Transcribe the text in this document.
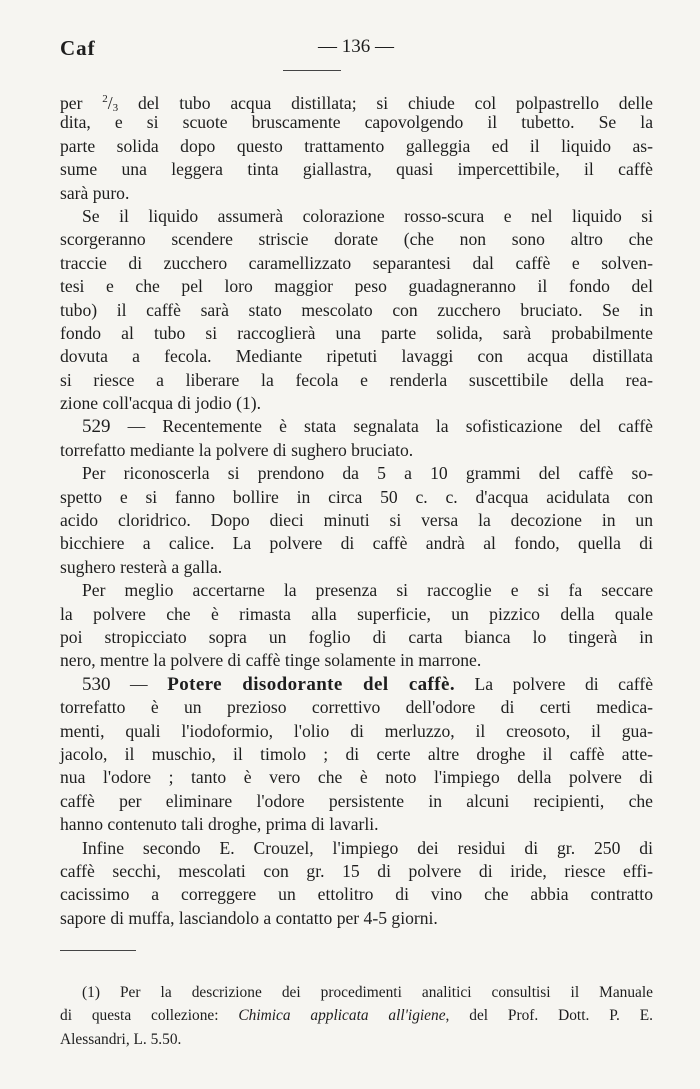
Caf	— 136 —
per $^2/_3$ del tubo acqua distillata; si chiude col polpastrello delle
dita, e si scuote bruscamente capovolgendo il tubetto. Se la
parte solida dopo questo trattamento galleggia ed il liquido as-
sume una leggera tinta giallastra, quasi impercettibile, il caffè
sarà puro.
Se il liquido assumerà colorazione rosso-scura e nel liquido si
scorgeranno scendere striscie dorate (che non sono altro che
traccie di zucchero caramellizzato separantesi dal caffè e solven-
tesi e che pel loro maggior peso guadagneranno il fondo del
tubo) il caffè sarà stato mescolato con zucchero bruciato. Se in
fondo al tubo si raccoglierà una parte solida, sarà probabilmente
dovuta a fecola. Mediante ripetuti lavaggi con acqua distillata
si riesce a liberare la fecola e renderla suscettibile della rea-
zione coll'acqua di jodio (1).
529 — Recentemente è stata segnalata la sofisticazione del caffè
torrefatto mediante la polvere di sughero bruciato.
Per riconoscerla si prendono da 5 a 10 grammi del caffè so-
spetto e si fanno bollire in circa 50 c. c. d'acqua acidulata con
acido cloridrico. Dopo dieci minuti si versa la decozione in un
bicchiere a calice. La polvere di caffè andrà al fondo, quella di
sughero resterà a galla.
Per meglio accertarne la presenza si raccoglie e si fa seccare
la polvere che è rimasta alla superficie, un pizzico della quale
poi stropicciato sopra un foglio di carta bianca lo tingerà in
nero, mentre la polvere di caffè tinge solamente in marrone.
530 — Potere disodorante del caffè. La polvere di caffè
torrefatto è un prezioso correttivo dell'odore di certi medica-
menti, quali l'iodoformio, l'olio di merluzzo, il creosoto, il gua-
jacolo, il muschio, il timolo ; di certe altre droghe il caffè atte-
nua l'odore ; tanto è vero che è noto l'impiego della polvere di
caffè per eliminare l'odore persistente in alcuni recipienti, che
hanno contenuto tali droghe, prima di lavarli.
Infine secondo E. Crouzel, l'impiego dei residui di gr. 250 di
caffè secchi, mescolati con gr. 15 di polvere di iride, riesce effi-
cacissimo a correggere un ettolitro di vino che abbia contratto
sapore di muffa, lasciandolo a contatto per 4-5 giorni.
(1) Per la descrizione dei procedimenti analitici consultisi il Manuale
di questa collezione: Chimica applicata all'igiene, del Prof. Dott. P. E.
Alessandri, L. 5.50.
